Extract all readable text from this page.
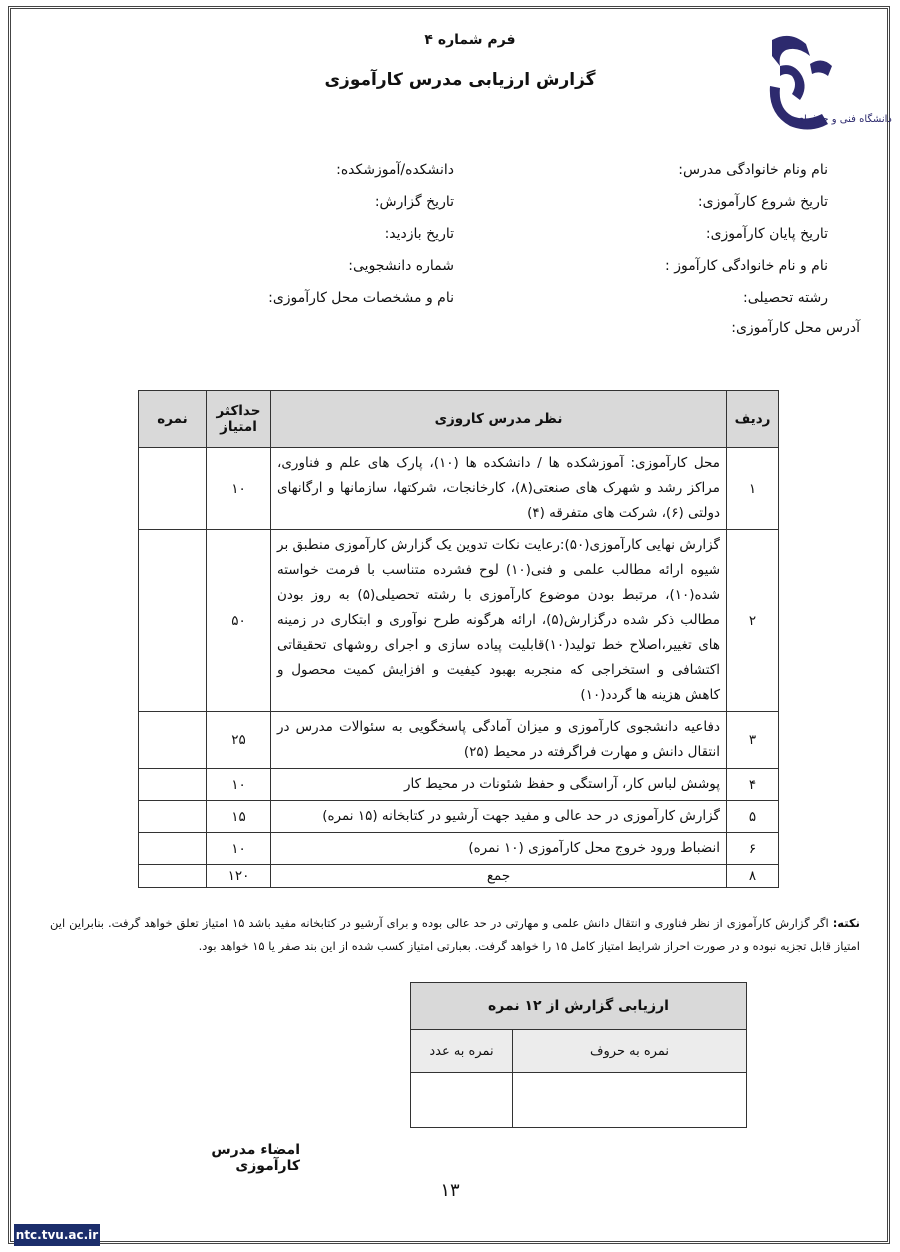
فرم شماره ۴
گزارش ارزیابی مدرس کارآموزی
دانشگاه فنی و حرفه‌ای
نام ونام خانوادگی مدرس:
تاریخ شروع کارآموزی:
تاریخ پایان کارآموزی:
نام و نام خانوادگی کارآموز :
رشته تحصیلی:
آدرس محل کارآموزی:
دانشکده/آموزشکده:
تاریخ گزارش:
تاریخ بازدید:
شماره دانشجویی:
نام و مشخصات محل کارآموزی:
ردیف	نظر مدرس کاروزی	حداکثر امتیاز	نمره
۱	محل کارآموزی: آموزشکده ها / دانشکده ها (۱۰)، پارک های علم و فناوری، مراکز رشد و شهرک های صنعتی(۸)، کارخانجات، شرکتها، سازمانها و ارگانهای دولتی (۶)، شرکت های متفرقه (۴)	۱۰	
۲	گزارش نهایی کارآموزی(۵۰):رعایت نکات تدوین یک گزارش کارآموزی منطبق بر شیوه ارائه مطالب علمی و فنی(۱۰) لوح فشرده متناسب با فرمت خواسته شده(۱۰)، مرتبط بودن موضوع کارآموزی با رشته تحصیلی(۵) به روز بودن مطالب ذکر شده درگزارش(۵)، ارائه هرگونه طرح نوآوری و ابتکاری در زمینه های تغییر،اصلاح خط تولید(۱۰)قابلیت پیاده سازی و اجرای روشهای تحقیقاتی اکتشافی و استخراجی که منجربه بهبود کیفیت و افزایش کمیت محصول و کاهش هزینه ها گردد(۱۰)	۵۰	
۳	دفاعیه دانشجوی کارآموزی و میزان آمادگی پاسخگویی به سئوالات مدرس در انتقال دانش و مهارت فراگرفته در محیط (۲۵)	۲۵	
۴	پوشش لباس کار، آراستگی و حفظ شئونات در محیط کار	۱۰	
۵	گزارش کارآموزی در حد عالی و مفید جهت آرشیو در کتابخانه (۱۵ نمره)	۱۵	
۶	انضباط ورود خروج محل کارآموزی (۱۰ نمره)	۱۰	
۸	جمع	۱۲۰	
نکته: اگر گزارش کارآموزی از نظر فناوری و انتقال دانش علمی و مهارتی در حد عالی بوده و برای آرشیو در کتابخانه مفید باشد ۱۵ امتیاز تعلق خواهد گرفت. بنابراین این امتیاز قابل تجزیه نبوده و در صورت احراز شرایط امتیاز کامل ۱۵ را خواهد گرفت. بعبارتی امتیاز کسب شده از این بند صفر یا ۱۵ خواهد بود.
ارزیابی گزارش از ۱۲ نمره	
نمره به حروف	نمره به عدد

امضاء مدرس کارآموزی
۱۳
ntc.tvu.ac.ir
